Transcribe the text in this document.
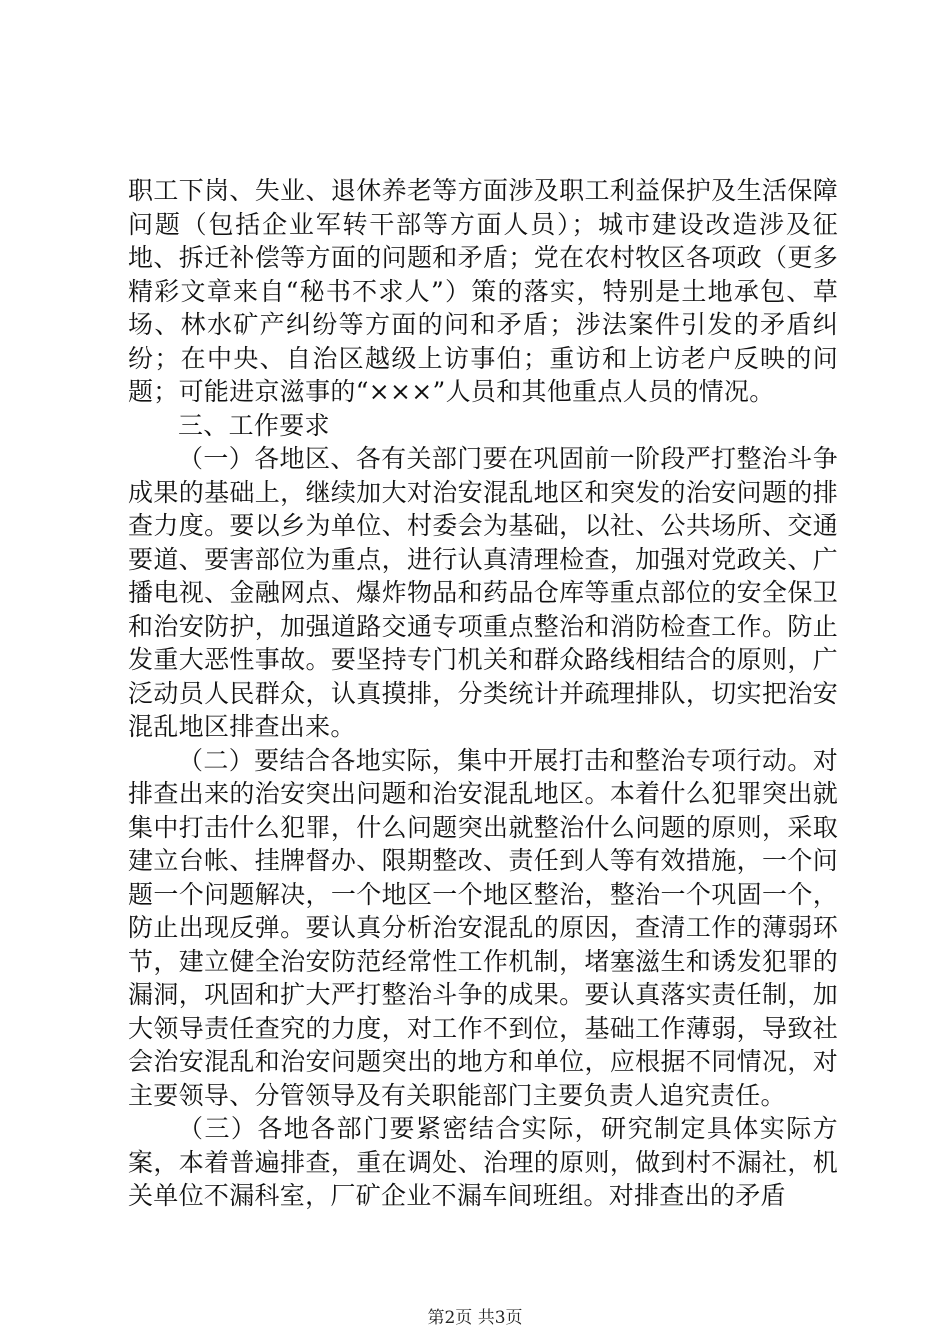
职工下岗、失业、退休养老等方面涉及职工利益保护及生活保障问题（包括企业军转干部等方面人员）；城市建设改造涉及征地、拆迁补偿等方面的问题和矛盾；党在农村牧区各项政（更多精彩文章来自“秘书不求人”）策的落实，特别是土地承包、草场、林水矿产纠纷等方面的问和矛盾；涉法案件引发的矛盾纠纷；在中央、自治区越级上访事伯；重访和上访老户反映的问题；可能进京滋事的“×××”人员和其他重点人员的情况。

三、工作要求

（一）各地区、各有关部门要在巩固前一阶段严打整治斗争成果的基础上，继续加大对治安混乱地区和突发的治安问题的排查力度。要以乡为单位、村委会为基础，以社、公共场所、交通要道、要害部位为重点，进行认真清理检查，加强对党政关、广播电视、金融网点、爆炸物品和药品仓库等重点部位的安全保卫和治安防护，加强道路交通专项重点整治和消防检查工作。防止发重大恶性事故。要坚持专门机关和群众路线相结合的原则，广泛动员人民群众，认真摸排，分类统计并疏理排队，切实把治安混乱地区排查出来。

（二）要结合各地实际，集中开展打击和整治专项行动。对排查出来的治安突出问题和治安混乱地区。本着什么犯罪突出就集中打击什么犯罪，什么问题突出就整治什么问题的原则，采取建立台帐、挂牌督办、限期整改、责任到人等有效措施，一个问题一个问题解决，一个地区一个地区整治，整治一个巩固一个，防止出现反弹。要认真分析治安混乱的原因，查清工作的薄弱环节，建立健全治安防范经常性工作机制，堵塞滋生和诱发犯罪的漏洞，巩固和扩大严打整治斗争的成果。要认真落实责任制，加大领导责任查究的力度，对工作不到位，基础工作薄弱，导致社会治安混乱和治安问题突出的地方和单位，应根据不同情况，对主要领导、分管领导及有关职能部门主要负责人追究责任。

（三）各地各部门要紧密结合实际，研究制定具体实际方案，本着普遍排查，重在调处、治理的原则，做到村不漏社，机关单位不漏科室，厂矿企业不漏车间班组。对排查出的矛盾

第2页 共3页
